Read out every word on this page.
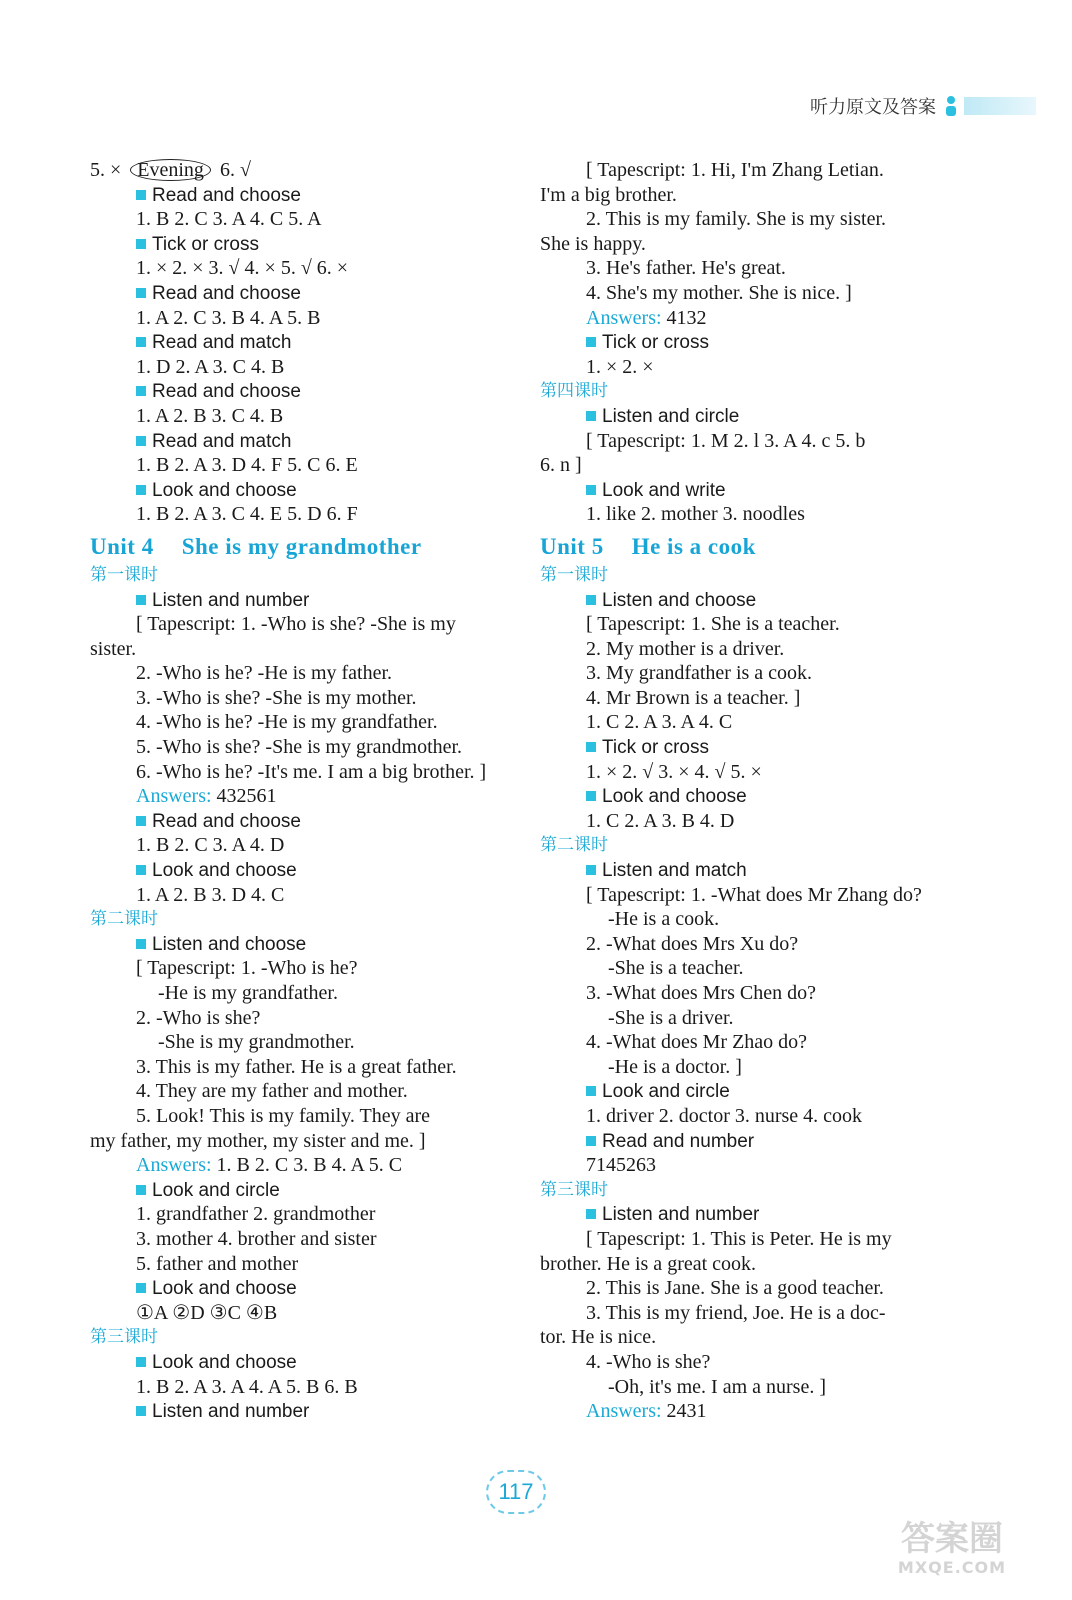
听力原文及答案
5. × Evening 6. √
Read and choose
1. B 2. C 3. A 4. C 5. A
Tick or cross
1. × 2. × 3. √ 4. × 5. √ 6. ×
Read and choose
1. A 2. C 3. B 4. A 5. B
Read and match
1. D 2. A 3. C 4. B
Read and choose
1. A 2. B 3. C 4. B
Read and match
1. B 2. A 3. D 4. F 5. C 6. E
Look and choose
1. B 2. A 3. C 4. E 5. D 6. F
Unit 4 She is my grandmother
第一课时
Listen and number
[ Tapescript: 1. -Who is she? -She is my
sister.
2. -Who is he? -He is my father.
3. -Who is she? -She is my mother.
4. -Who is he? -He is my grandfather.
5. -Who is she? -She is my grandmother.
6. -Who is he? -It's me. I am a big brother. ]
Answers: 432561
Read and choose
1. B 2. C 3. A 4. D
Look and choose
1. A 2. B 3. D 4. C
第二课时
Listen and choose
[ Tapescript: 1. -Who is he?
-He is my grandfather.
2. -Who is she?
-She is my grandmother.
3. This is my father. He is a great father.
4. They are my father and mother.
5. Look! This is my family. They are
my father, my mother, my sister and me. ]
Answers: 1. B 2. C 3. B 4. A 5. C
Look and circle
1. grandfather 2. grandmother
3. mother 4. brother and sister
5. father and mother
Look and choose
①A ②D ③C ④B
第三课时
Look and choose
1. B 2. A 3. A 4. A 5. B 6. B
Listen and number
[ Tapescript: 1. Hi, I'm Zhang Letian.
I'm a big brother.
2. This is my family. She is my sister.
She is happy.
3. He's father. He's great.
4. She's my mother. She is nice. ]
Answers: 4132
Tick or cross
1. × 2. ×
第四课时
Listen and circle
[ Tapescript: 1. M 2. l 3. A 4. c 5. b
6. n ]
Look and write
1. like 2. mother 3. noodles
Unit 5 He is a cook
第一课时
Listen and choose
[ Tapescript: 1. She is a teacher.
2. My mother is a driver.
3. My grandfather is a cook.
4. Mr Brown is a teacher. ]
1. C 2. A 3. A 4. C
Tick or cross
1. × 2. √ 3. × 4. √ 5. ×
Look and choose
1. C 2. A 3. B 4. D
第二课时
Listen and match
[ Tapescript: 1. -What does Mr Zhang do?
-He is a cook.
2. -What does Mrs Xu do?
-She is a teacher.
3. -What does Mrs Chen do?
-She is a driver.
4. -What does Mr Zhao do?
-He is a doctor. ]
Look and circle
1. driver 2. doctor 3. nurse 4. cook
Read and number
7145263
第三课时
Listen and number
[ Tapescript: 1. This is Peter. He is my
brother. He is a great cook.
2. This is Jane. She is a good teacher.
3. This is my friend, Joe. He is a doc-
tor. He is nice.
4. -Who is she?
-Oh, it's me. I am a nurse. ]
Answers: 2431
117
答案圈
MXQE.COM
